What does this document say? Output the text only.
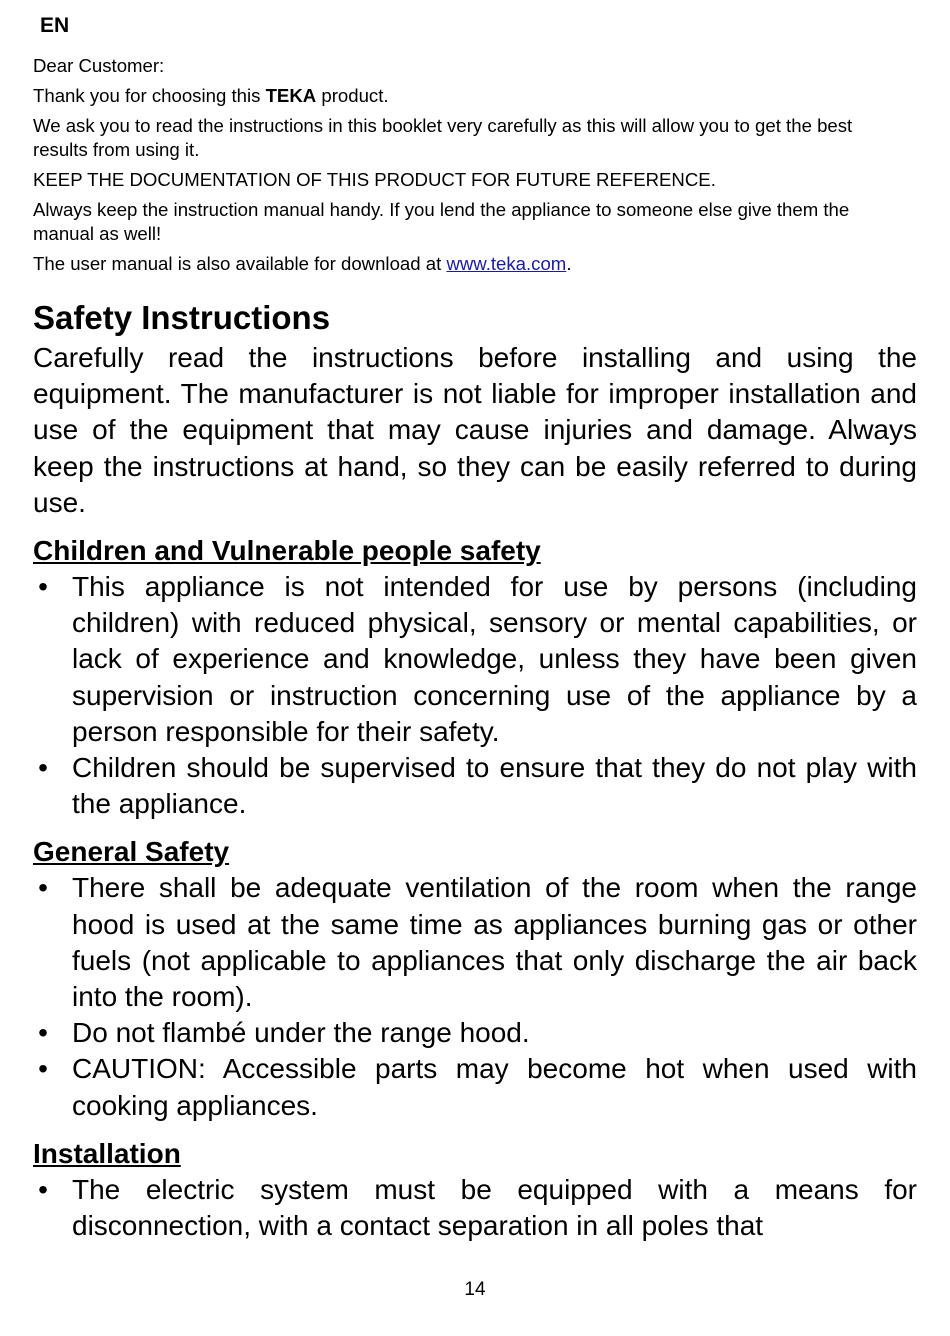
EN

Dear Customer:

Thank you for choosing this TEKA product.

We ask you to read the instructions in this booklet very carefully as this will allow you to get the best results from using it.

KEEP THE DOCUMENTATION OF THIS PRODUCT FOR FUTURE REFERENCE.

Always keep the instruction manual handy. If you lend the appliance to someone else give them the manual as well!

The user manual is also available for download at www.teka.com.

Safety Instructions

Carefully read the instructions before installing and using the equipment. The manufacturer is not liable for improper installation and use of the equipment that may cause injuries and damage. Always keep the instructions at hand, so they can be easily referred to during use.

Children and Vulnerable people safety
• This appliance is not intended for use by persons (including children) with reduced physical, sensory or mental capabilities, or lack of experience and knowledge, unless they have been given supervision or instruction concerning use of the appliance by a person responsible for their safety.
• Children should be supervised to ensure that they do not play with the appliance.
General Safety
• There shall be adequate ventilation of the room when the range hood is used at the same time as appliances burning gas or other fuels (not applicable to appliances that only discharge the air back into the room).
• Do not flambé under the range hood.
• CAUTION: Accessible parts may become hot when used with cooking appliances.
Installation
• The electric system must be equipped with a means for disconnection, with a contact separation in all poles that
14
